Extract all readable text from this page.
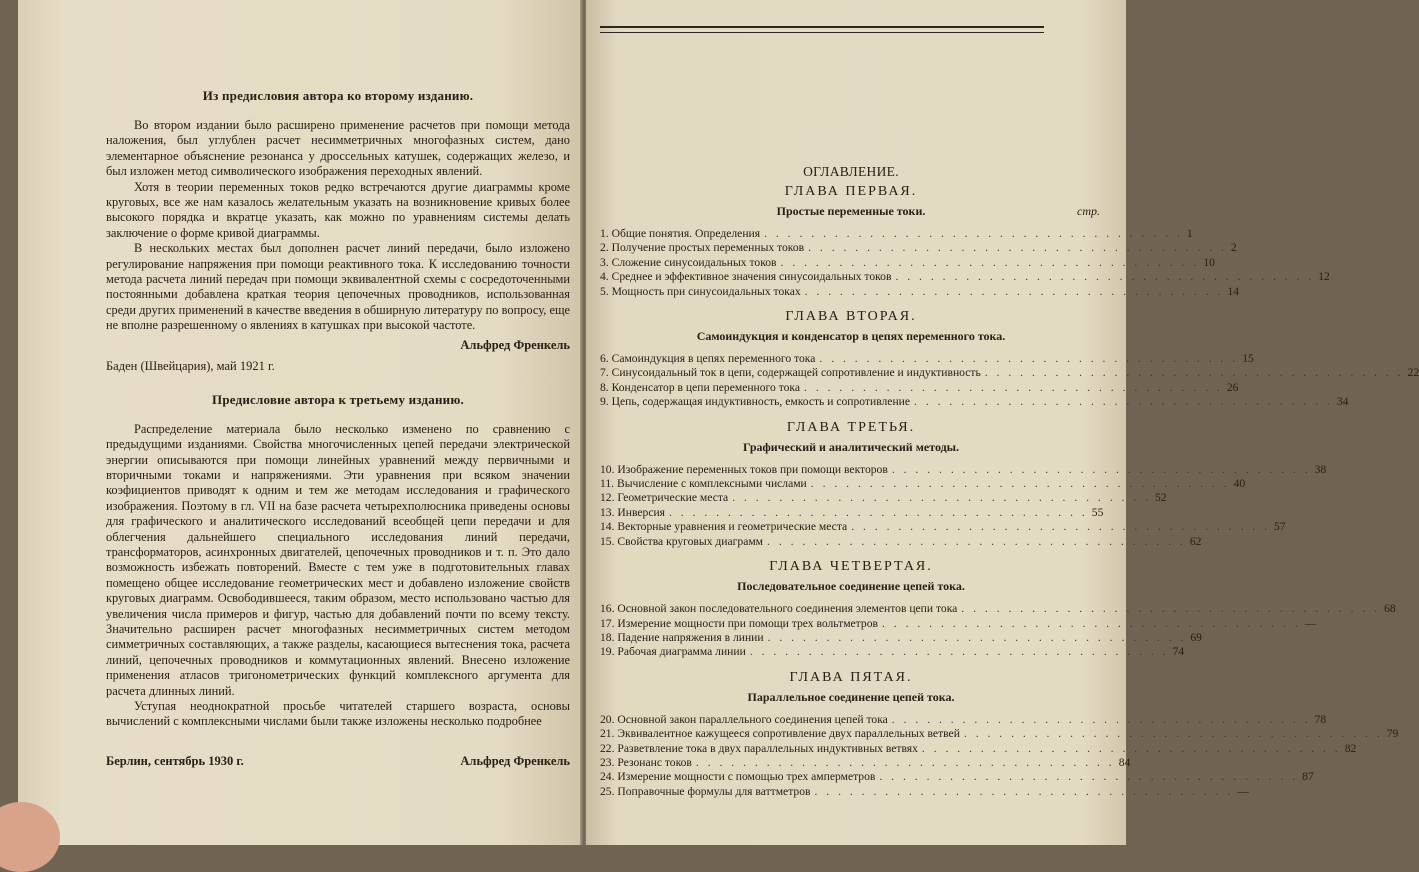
Из предисловия автора ко второму изданию.

Во втором издании было расширено применение расчетов при помощи метода наложения, был углублен расчет несимметричных многофазных систем, дано элементарное объяснение резонанса у дроссельных катушек, содержащих железо, и был изложен метод символического изображения переходных явлений.

Хотя в теории переменных токов редко встречаются другие диаграммы кроме круговых, все же нам казалось желательным указать на возникновение кривых более высокого порядка и вкратце указать, как можно по уравнениям системы делать заключение о форме кривой диаграммы.

В нескольких местах был дополнен расчет линий передачи, было изложено регулирование напряжения при помощи реактивного тока. К исследованию точности метода расчета линий передач при помощи эквивалентной схемы с сосредоточенными постоянными добавлена краткая теория цепочечных проводников, использованная среди других применений в качестве введения в обширную литературу по вопросу, еще не вполне разрешенному о явлениях в катушках при высокой частоте.

Альфред Френкель

Баден (Швейцария), май 1921 г.

Предисловие автора к третьему изданию.

Распределение материала было несколько изменено по сравнению с предыдущими изданиями. Свойства многочисленных цепей передачи электрической энергии описываются при помощи линейных уравнений между первичными и вторичными токами и напряжениями. Эти уравнения при всяком значении коэфициентов приводят к одним и тем же методам исследования и графического изображения. Поэтому в гл. VII на базе расчета четырехполюсника приведены основы для графического и аналитического исследований всеобщей цепи передачи и для облегчения дальнейшего специального исследования линий передачи, трансформаторов, асинхронных двигателей, цепочечных проводников и т. п. Это дало возможность избежать повторений. Вместе с тем уже в подготовительных главах помещено общее исследование геометрических мест и добавлено изложение свойств круговых диаграмм. Освободившееся, таким образом, место использовано частью для увеличения числа примеров и фигур, частью для добавлений почти по всему тексту. Значительно расширен расчет многофазных несимметричных систем методом симметричных составляющих, а также разделы, касающиеся вытеснения тока, расчета линий, цепочечных проводников и коммутационных явлений. Внесено изложение применения атласов тригонометрических функций комплексного аргумента для расчета длинных линий.

Уступая неоднократной просьбе читателей старшего возраста, основы вычислений с комплексными числами были также изложены несколько подробнее

Берлин, сентябрь 1930 г.	Альфред Френкель

ОГЛАВЛЕНИЕ.

ГЛАВА ПЕРВАЯ.

Простые переменные токи.	стр.

1. Общие понятия. Определения . . . . . . . . . . . . . . . . . . . . . . . . . . . . . . . . . . . . 1
2. Получение простых переменных токов . . . . . . . . . . . . . . . . . . . . . . . . . . . . . . . . . . . . 2
3. Сложение синусоидальных токов . . . . . . . . . . . . . . . . . . . . . . . . . . . . . . . . . . . . 10
4. Среднее и эффективное значения синусоидальных токов . . . . . . . . . . . . . . . . . . . . . . . . . . . . . . . . . . . . 12
5. Мощность при синусоидальных токах . . . . . . . . . . . . . . . . . . . . . . . . . . . . . . . . . . . . 14

ГЛАВА ВТОРАЯ.

Самоиндукция и конденсатор в цепях переменного тока.

6. Самоиндукция в цепях переменного тока . . . . . . . . . . . . . . . . . . . . . . . . . . . . . . . . . . . . 15
7. Синусоидальный ток в цепи, содержащей сопротивление и индуктивность . . . . . . . . . . . . . . . . . . . . . . . . . . . . . . . . . . . . 22
8. Конденсатор в цепи переменного тока . . . . . . . . . . . . . . . . . . . . . . . . . . . . . . . . . . . . 26
9. Цепь, содержащая индуктивность, емкость и сопротивление . . . . . . . . . . . . . . . . . . . . . . . . . . . . . . . . . . . . 34

ГЛАВА ТРЕТЬЯ.

Графический и аналитический методы.

10. Изображение переменных токов при помощи векторов . . . . . . . . . . . . . . . . . . . . . . . . . . . . . . . . . . . . 38
11. Вычисление с комплексными числами . . . . . . . . . . . . . . . . . . . . . . . . . . . . . . . . . . . . 40
12. Геометрические места . . . . . . . . . . . . . . . . . . . . . . . . . . . . . . . . . . . . 52
13. Инверсия . . . . . . . . . . . . . . . . . . . . . . . . . . . . . . . . . . . . 55
14. Векторные уравнения и геометрические места . . . . . . . . . . . . . . . . . . . . . . . . . . . . . . . . . . . . 57
15. Свойства круговых диаграмм . . . . . . . . . . . . . . . . . . . . . . . . . . . . . . . . . . . . 62

ГЛАВА ЧЕТВЕРТАЯ.

Последовательное соединение цепей тока.

16. Основной закон последовательного соединения элементов цепи тока . . . . . . . . . . . . . . . . . . . . . . . . . . . . . . . . . . . . 68
17. Измерение мощности при помощи трех вольтметров . . . . . . . . . . . . . . . . . . . . . . . . . . . . . . . . . . . . —
18. Падение напряжения в линии . . . . . . . . . . . . . . . . . . . . . . . . . . . . . . . . . . . . 69
19. Рабочая диаграмма линии . . . . . . . . . . . . . . . . . . . . . . . . . . . . . . . . . . . . 74

ГЛАВА ПЯТАЯ.

Параллельное соединение цепей тока.

20. Основной закон параллельного соединения цепей тока . . . . . . . . . . . . . . . . . . . . . . . . . . . . . . . . . . . . 78
21. Эквивалентное кажущееся сопротивление двух параллельных ветвей . . . . . . . . . . . . . . . . . . . . . . . . . . . . . . . . . . . . 79
22. Разветвление тока в двух параллельных индуктивных ветвях . . . . . . . . . . . . . . . . . . . . . . . . . . . . . . . . . . . . 82
23. Резонанс токов . . . . . . . . . . . . . . . . . . . . . . . . . . . . . . . . . . . . 84
24. Измерение мощности с помощью трех амперметров . . . . . . . . . . . . . . . . . . . . . . . . . . . . . . . . . . . . 87
25. Поправочные формулы для ваттметров . . . . . . . . . . . . . . . . . . . . . . . . . . . . . . . . . . . . —
